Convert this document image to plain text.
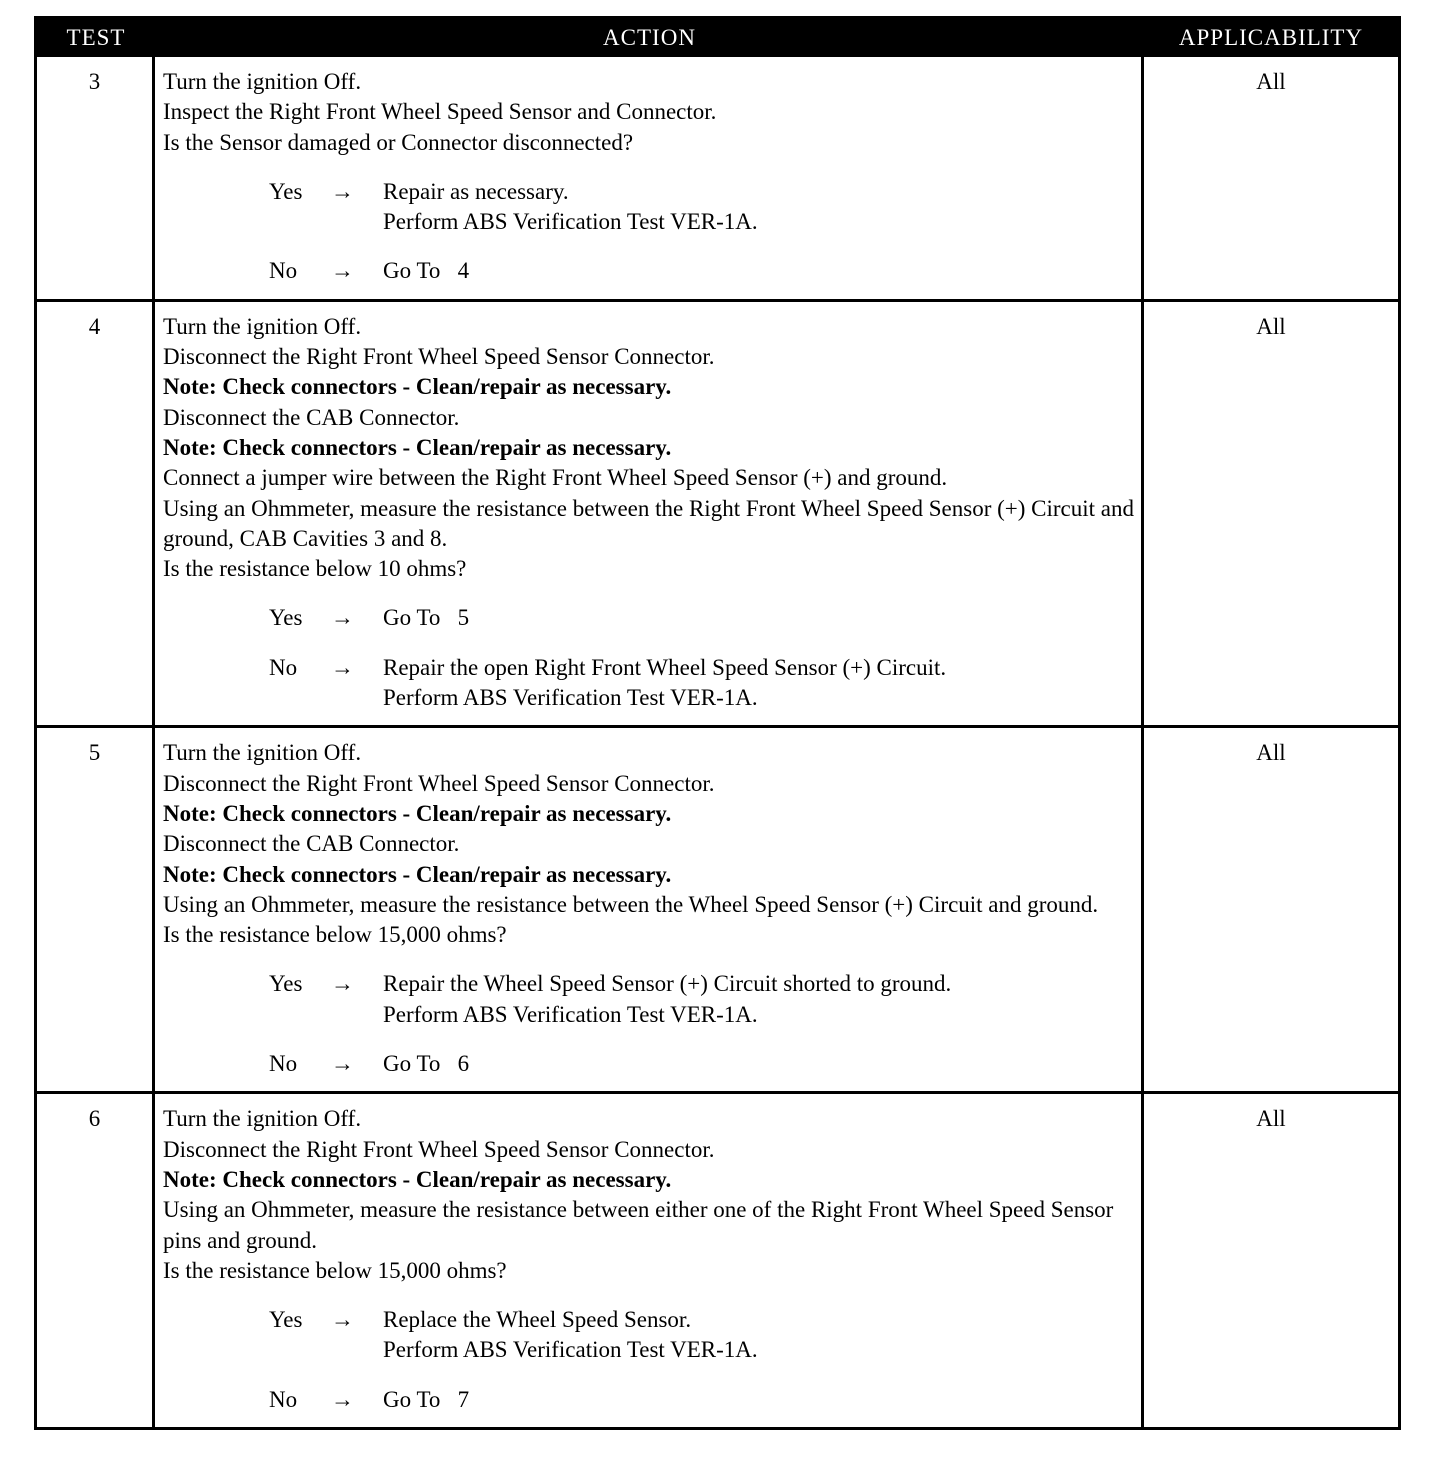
TEST	ACTION	APPLICABILITY
3	Turn the ignition Off.
Inspect the Right Front Wheel Speed Sensor and Connector.
Is the Sensor damaged or Connector disconnected?
Yes	→	Repair as necessary.
Perform ABS Verification Test VER-1A.
No	→	Go To   4
All
4	Turn the ignition Off.
Disconnect the Right Front Wheel Speed Sensor Connector.
Note: Check connectors - Clean/repair as necessary.
Disconnect the CAB Connector.
Note: Check connectors - Clean/repair as necessary.
Connect a jumper wire between the Right Front Wheel Speed Sensor (+) and ground.
Using an Ohmmeter, measure the resistance between the Right Front Wheel Speed Sensor (+) Circuit and ground, CAB Cavities 3 and 8.
Is the resistance below 10 ohms?
Yes	→	Go To   5
No	→	Repair the open Right Front Wheel Speed Sensor (+) Circuit.
Perform ABS Verification Test VER-1A.
All
5	Turn the ignition Off.
Disconnect the Right Front Wheel Speed Sensor Connector.
Note: Check connectors - Clean/repair as necessary.
Disconnect the CAB Connector.
Note: Check connectors - Clean/repair as necessary.
Using an Ohmmeter, measure the resistance between the Wheel Speed Sensor (+) Circuit and ground.
Is the resistance below 15,000 ohms?
Yes	→	Repair the Wheel Speed Sensor (+) Circuit shorted to ground.
Perform ABS Verification Test VER-1A.
No	→	Go To   6
All
6	Turn the ignition Off.
Disconnect the Right Front Wheel Speed Sensor Connector.
Note: Check connectors - Clean/repair as necessary.
Using an Ohmmeter, measure the resistance between either one of the Right Front Wheel Speed Sensor pins and ground.
Is the resistance below 15,000 ohms?
Yes	→	Replace the Wheel Speed Sensor.
Perform ABS Verification Test VER-1A.
No	→	Go To   7
All
